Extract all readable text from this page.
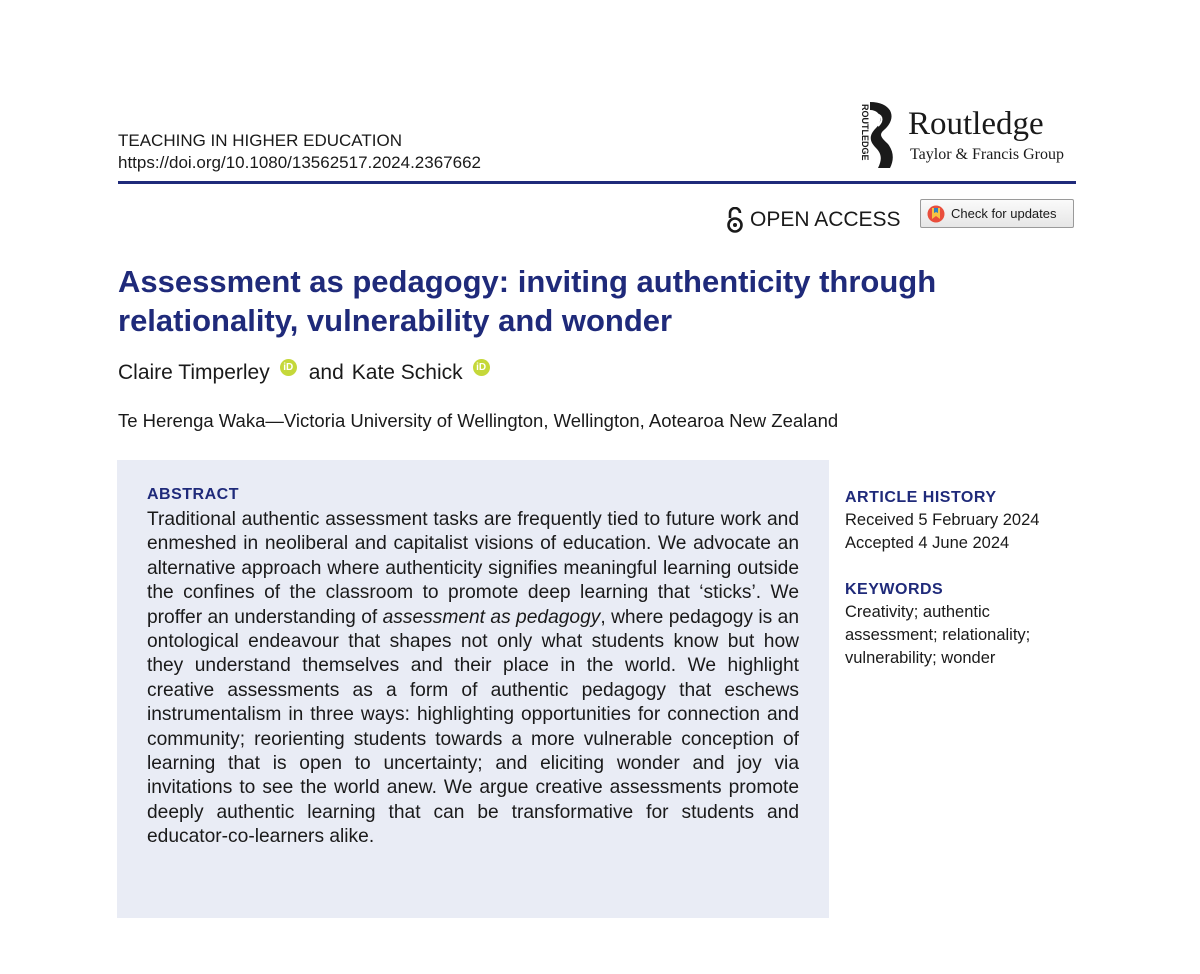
TEACHING IN HIGHER EDUCATION
https://doi.org/10.1080/13562517.2024.2367662
ROUTLEDGE Routledge
Taylor & Francis Group
OPEN ACCESS	Check for updates
Assessment as pedagogy: inviting authenticity through relationality, vulnerability and wonder
Claire Timperley	iD and Kate Schick	iD
Te Herenga Waka—Victoria University of Wellington, Wellington, Aotearoa New Zealand
ABSTRACT

Traditional authentic assessment tasks are frequently tied to future work and enmeshed in neoliberal and capitalist visions of education. We advocate an alternative approach where authenticity signifies meaningful learning outside the confines of the classroom to promote deep learning that ‘sticks’. We proffer an understanding of assessment as pedagogy, where pedagogy is an ontological endeavour that shapes not only what students know but how they understand themselves and their place in the world. We highlight creative assessments as a form of authentic pedagogy that eschews instrumentalism in three ways: highlighting opportunities for connection and community; reorienting students towards a more vulnerable conception of learning that is open to uncertainty; and eliciting wonder and joy via invitations to see the world anew. We argue creative assessments promote deeply authentic learning that can be transformative for students and educator-co-learners alike.

ARTICLE HISTORY
Received 5 February 2024
Accepted 4 June 2024
KEYWORDS
Creativity; authentic assessment; relationality; vulnerability; wonder
